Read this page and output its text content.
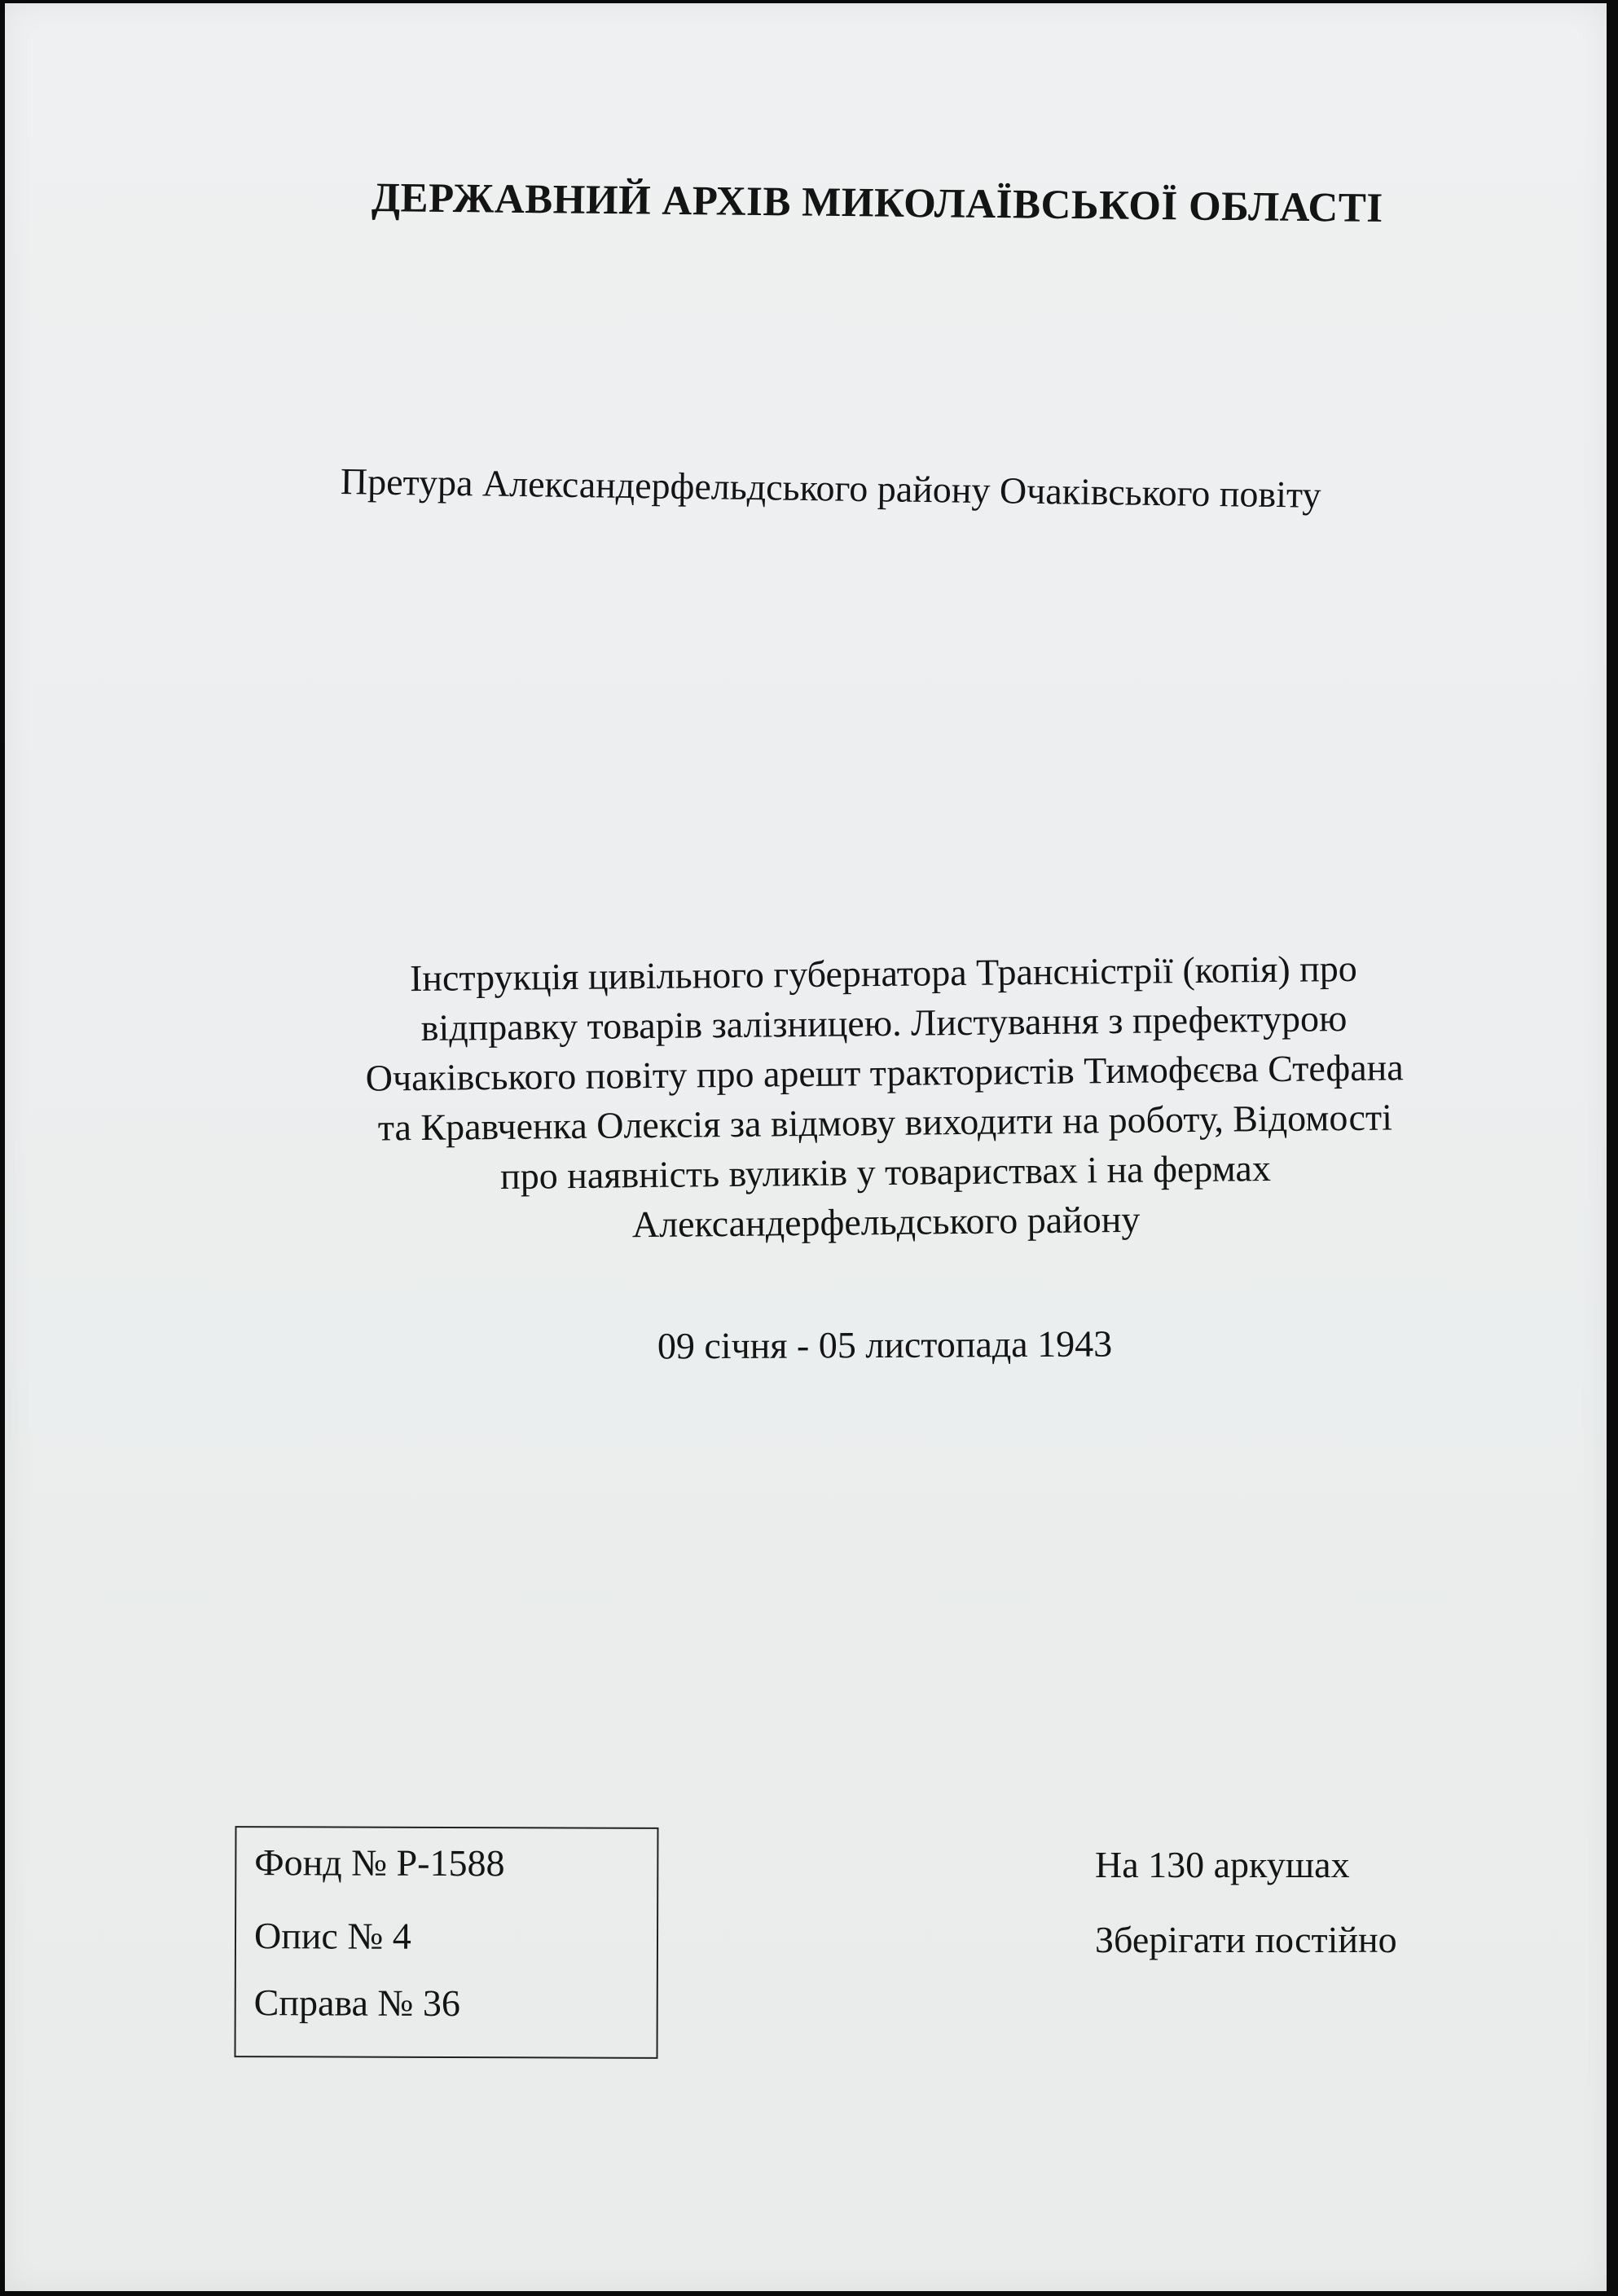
ДЕРЖАВНИЙ АРХІВ МИКОЛАЇВСЬКОЇ ОБЛАСТІ
Претура Александерфельдського району Очаківського повіту
Інструкція цивільного губернатора Трансністрії (копія) про
відправку товарів залізницею. Листування з префектурою
Очаківського повіту про арешт трактористів Тимофєєва Стефана
та Кравченка Олексія за відмову виходити на роботу, Відомості
про наявність вуликів у товариствах і на фермах
Александерфельдського району
09 січня - 05 листопада 1943
Фонд № Р-1588
Опис № 4
Справа № 36
На 130 аркушах
Зберігати постійно
